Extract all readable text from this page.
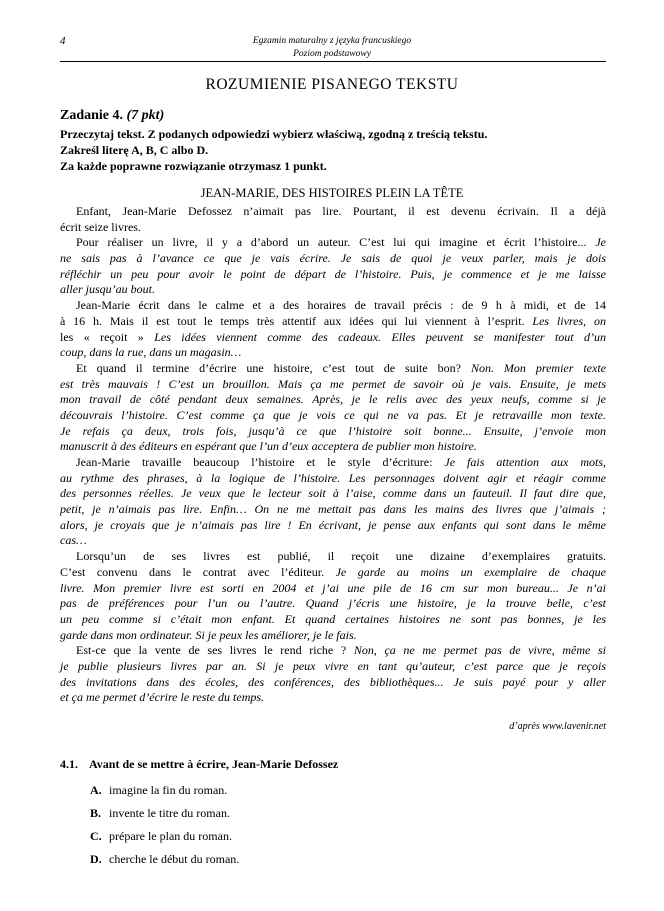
4	Egzamin maturalny z języka francuskiego
Poziom podstawowy
ROZUMIENIE PISANEGO TEKSTU
Zadanie 4. (7 pkt)
Przeczytaj tekst. Z podanych odpowiedzi wybierz właściwą, zgodną z treścią tekstu.
Zakreśl literę A, B, C albo D.
Za każde poprawne rozwiązanie otrzymasz 1 punkt.
JEAN-MARIE, DES HISTOIRES PLEIN LA TÊTE
Enfant, Jean-Marie Defossez n’aimait pas lire. Pourtant, il est devenu écrivain. Il a déjà
écrit seize livres.
Pour réaliser un livre, il y a d’abord un auteur. C’est lui qui imagine et écrit l’histoire... Je
ne sais pas à l’avance ce que je vais écrire. Je sais de quoi je veux parler, mais je dois
réfléchir un peu pour avoir le point de départ de l’histoire. Puis, je commence et je me laisse
aller jusqu’au bout.
Jean-Marie écrit dans le calme et a des horaires de travail précis : de 9 h à midi, et de 14
à 16 h. Mais il est tout le temps très attentif aux idées qui lui viennent à l’esprit. Les livres, on
les « reçoit » Les idées viennent comme des cadeaux. Elles peuvent se manifester tout d’un
coup, dans la rue, dans un magasin…
Et quand il termine d’écrire une histoire, c’est tout de suite bon? Non. Mon premier texte
est très mauvais ! C’est un brouillon. Mais ça me permet de savoir où je vais. Ensuite, je mets
mon travail de côté pendant deux semaines. Après, je le relis avec des yeux neufs, comme si je
découvrais l’histoire. C’est comme ça que je vois ce qui ne va pas. Et je retravaille mon texte.
Je refais ça deux, trois fois, jusqu’à ce que l’histoire soit bonne... Ensuite, j’envoie mon
manuscrit à des éditeurs en espérant que l’un d’eux acceptera de publier mon histoire.
Jean-Marie travaille beaucoup l’histoire et le style d’écriture: Je fais attention aux mots,
au rythme des phrases, à la logique de l’histoire. Les personnages doivent agir et réagir comme
des personnes réelles. Je veux que le lecteur soit à l’aise, comme dans un fauteuil. Il faut dire que,
petit, je n’aimais pas lire. Enfin… On ne me mettait pas dans les mains des livres que j’aimais ;
alors, je croyais que je n’aimais pas lire ! En écrivant, je pense aux enfants qui sont dans le même
cas…
Lorsqu’un de ses livres est publié, il reçoit une dizaine d’exemplaires gratuits.
C’est convenu dans le contrat avec l’éditeur. Je garde au moins un exemplaire de chaque
livre. Mon premier livre est sorti en 2004 et j’ai une pile de 16 cm sur mon bureau... Je n’ai
pas de préférences pour l’un ou l’autre. Quand j’écris une histoire, je la trouve belle, c’est
un peu comme si c’était mon enfant. Et quand certaines histoires ne sont pas bonnes, je les
garde dans mon ordinateur. Si je peux les améliorer, je le fais.
Est-ce que la vente de ses livres le rend riche ? Non, ça ne me permet pas de vivre, même si
je publie plusieurs livres par an. Si je peux vivre en tant qu’auteur, c’est parce que je reçois
des invitations dans des écoles, des conférences, des bibliothèques... Je suis payé pour y aller
et ça me permet d’écrire le reste du temps.
d’après www.lavenir.net
4.1. Avant de se mettre à écrire, Jean-Marie Defossez
A. imagine la fin du roman.
B. invente le titre du roman.
C. prépare le plan du roman.
D. cherche le début du roman.
